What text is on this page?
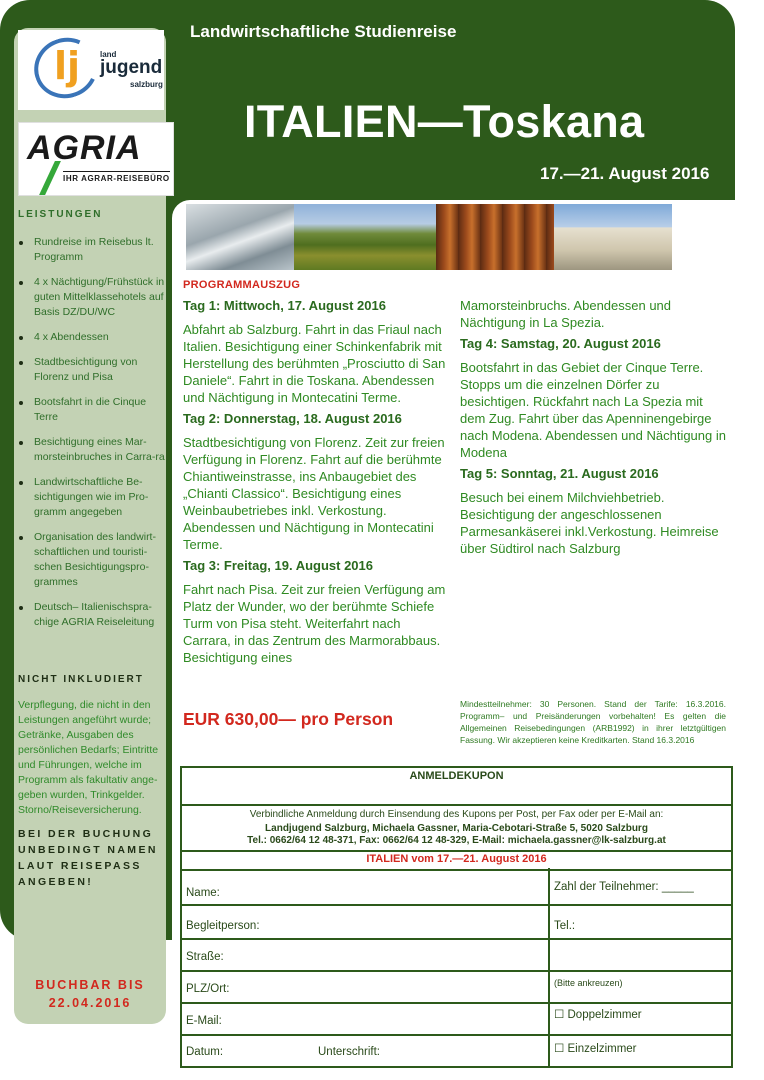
Landwirtschaftliche Studienreise
ITALIEN—Toskana
17.—21. August 2016
lj land
jugend
salzburg
AGRIA
IHR AGRAR-REISEBÜRO
LEISTUNGEN
Rundreise im Reisebus lt. Programm
4 x Nächtigung/Frühstück in guten Mittelklassehotels auf Basis DZ/DU/WC
4 x Abendessen
Stadtbesichtigung von Florenz und Pisa
Bootsfahrt in die Cinque Terre
Besichtigung eines Mar-morsteinbruches in Carra-ra
Landwirtschaftliche Be-sichtigungen wie im Pro-gramm angegeben
Organisation des landwirt-schaftlichen und touristi-schen Besichtigungspro-grammes
Deutsch– Italienischspra-chige AGRIA Reiseleitung
NICHT INKLUDIERT
Verpflegung, die nicht in den Leistungen angeführt wurde; Getränke, Ausgaben des persönlichen Bedarfs; Eintritte und Führungen, welche im Programm als fakultativ ange-geben wurden, Trinkgelder. Storno/Reiseversicherung.
BEI DER BUCHUNG UNBEDINGT NAMEN LAUT REISEPASS ANGEBEN!
BUCHBAR BIS 22.04.2016
PROGRAMMAUSZUG
Tag 1: Mittwoch, 17. August 2016
Abfahrt ab Salzburg. Fahrt in das Friaul nach Italien. Besichtigung einer Schinkenfabrik mit Herstellung des berühmten „Prosciutto di San Daniele“. Fahrt in die Toskana. Abendessen und Nächtigung in Montecatini Terme.
Tag 2: Donnerstag, 18. August 2016
Stadtbesichtigung von Florenz. Zeit zur freien Verfügung in Florenz. Fahrt auf die berühmte Chiantiweinstrasse, ins Anbaugebiet des „Chianti Classico“. Besichtigung eines Weinbaubetriebes inkl. Verkostung. Abendessen und Nächtigung in Montecatini Terme.
Tag 3: Freitag, 19. August 2016
Fahrt nach Pisa. Zeit zur freien Verfügung am Platz der Wunder, wo der berühmte Schiefe Turm von Pisa steht. Weiterfahrt nach Carrara, in das Zentrum des Marmorabbaus. Besichtigung eines
Mamorsteinbruchs. Abendessen und Nächtigung in La Spezia.
Tag 4: Samstag, 20. August 2016
Bootsfahrt in das Gebiet der Cinque Terre. Stopps um die einzelnen Dörfer zu besichtigen. Rückfahrt nach La Spezia mit dem Zug. Fahrt über das Apenninengebirge nach Modena. Abendessen und Nächtigung in Modena
Tag 5: Sonntag, 21. August 2016
Besuch bei einem Milchviehbetrieb. Besichtigung der angeschlossenen Parmesankäserei inkl.Verkostung. Heimreise über Südtirol nach Salzburg
EUR 630,00— pro Person
Mindestteilnehmer: 30 Personen. Stand der Tarife: 16.3.2016. Programm– und Preisänderungen vorbehalten! Es gelten die Allgemeinen Reisebedingungen (ARB1992) in ihrer letztgültigen Fassung. Wir akzeptieren keine Kreditkarten. Stand 16.3.2016
ANMELDEKUPON
Verbindliche Anmeldung durch Einsendung des Kupons per Post, per Fax oder per E-Mail an:
Landjugend Salzburg, Michaela Gassner, Maria-Cebotari-Straße 5, 5020 Salzburg
Tel.: 0662/64 12 48-371, Fax: 0662/64 12 48-329, E-Mail: michaela.gassner@lk-salzburg.at
ITALIEN vom 17.—21. August 2016
Name:
Begleitperson:
Straße:
PLZ/Ort:
E-Mail:
Datum:	Unterschrift:
Zahl der Teilnehmer: _____
Tel.:
(Bitte ankreuzen)
☐ Doppelzimmer
☐ Einzelzimmer
